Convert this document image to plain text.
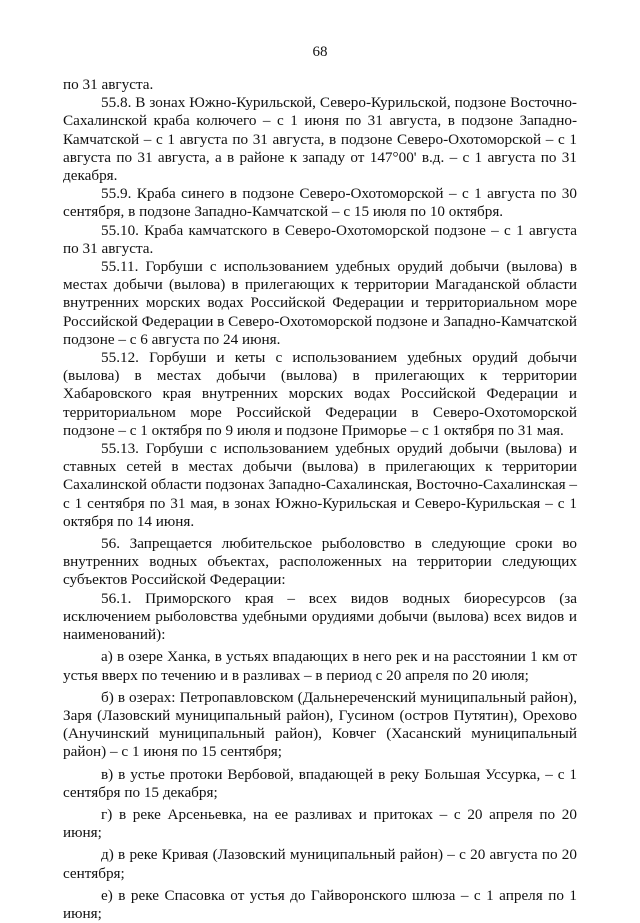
68

по 31 августа.

55.8. В зонах Южно-Курильской, Северо-Курильской, подзоне Восточно-Сахалинской краба колючего – с 1 июня по 31 августа, в подзоне Западно-Камчатской – с 1 августа по 31 августа, в подзоне Северо-Охотоморской – с 1 августа по 31 августа, а в районе к западу от 147°00' в.д. – с 1 августа по 31 декабря.

55.9. Краба синего в подзоне Северо-Охотоморской – с 1 августа по 30 сентября, в подзоне Западно-Камчатской – с 15 июля по 10 октября.

55.10. Краба камчатского в Северо-Охотоморской подзоне – с 1 августа по 31 августа.

55.11. Горбуши с использованием удебных орудий добычи (вылова) в местах добычи (вылова) в прилегающих к территории Магаданской области внутренних морских водах Российской Федерации и территориальном море Российской Федерации в Северо-Охотоморской подзоне и Западно-Камчатской подзоне – с 6 августа по 24 июня.

55.12. Горбуши и кеты с использованием удебных орудий добычи (вылова) в местах добычи (вылова) в прилегающих к территории Хабаровского края внутренних морских водах Российской Федерации и территориальном море Российской Федерации в Северо-Охотоморской подзоне – с 1 октября по 9 июля и подзоне Приморье – с 1 октября по 31 мая.

55.13. Горбуши с использованием удебных орудий добычи (вылова) и ставных сетей в местах добычи (вылова) в прилегающих к территории Сахалинской области подзонах Западно-Сахалинская, Восточно-Сахалинская – с 1 сентября по 31 мая, в зонах Южно-Курильская и Северо-Курильская – с 1 октября по 14 июня.

56. Запрещается любительское рыболовство в следующие сроки во внутренних водных объектах, расположенных на территории следующих субъектов Российской Федерации:

56.1. Приморского края – всех видов водных биоресурсов (за исключением рыболовства удебными орудиями добычи (вылова) всех видов и наименований):

а) в озере Ханка, в устьях впадающих в него рек и на расстоянии 1 км от устья вверх по течению и в разливах – в период с 20 апреля по 20 июля;

б) в озерах: Петропавловском (Дальнереченский муниципальный район), Заря (Лазовский муниципальный район), Гусином (остров Путятин), Орехово (Анучинский муниципальный район), Ковчег (Хасанский муниципальный район) – с 1 июня по 15 сентября;

в) в устье протоки Вербовой, впадающей в реку Большая Уссурка, – с 1 сентября по 15 декабря;

г) в реке Арсеньевка, на ее разливах и притоках – с 20 апреля по 20 июня;

д) в реке Кривая (Лазовский муниципальный район) – с 20 августа по 20 сентября;

е) в реке Спасовка от устья до Гайворонского шлюза – с 1 апреля по 1 июня;
